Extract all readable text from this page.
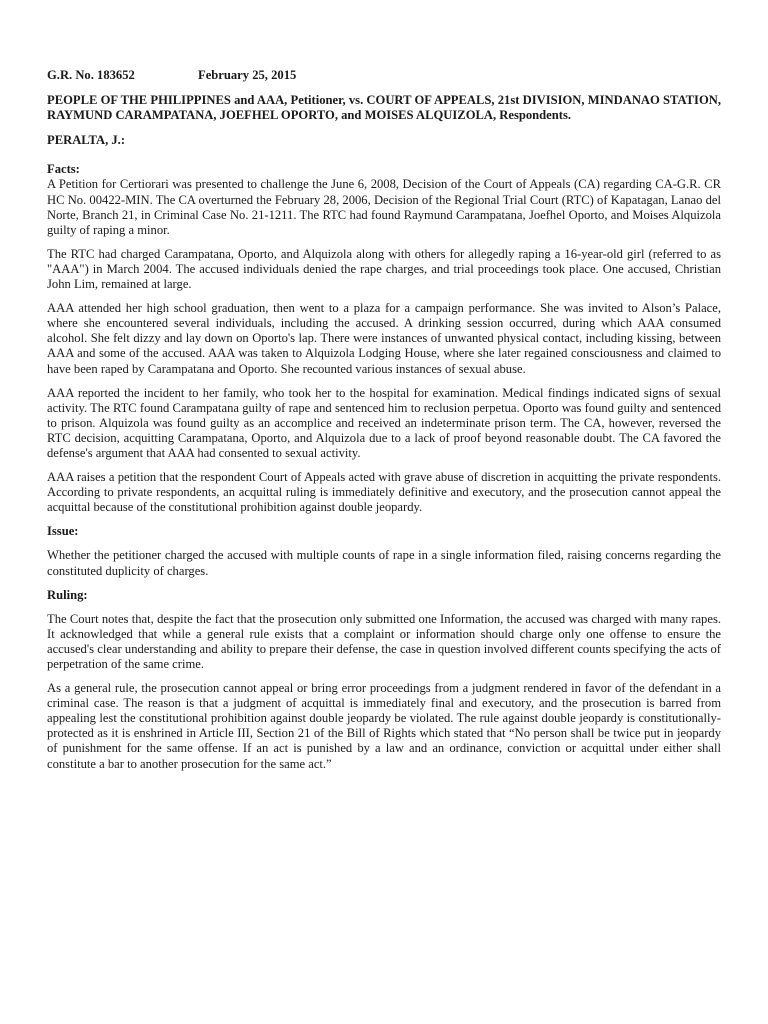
G.R. No. 183652	February 25, 2015
PEOPLE OF THE PHILIPPINES and AAA, Petitioner, vs. COURT OF APPEALS, 21st DIVISION, MINDANAO STATION, RAYMUND CARAMPATANA, JOEFHEL OPORTO, and MOISES ALQUIZOLA, Respondents.
PERALTA, J.:
Facts:

A Petition for Certiorari was presented to challenge the June 6, 2008, Decision of the Court of Appeals (CA) regarding CA-G.R. CR HC No. 00422-MIN. The CA overturned the February 28, 2006, Decision of the Regional Trial Court (RTC) of Kapatagan, Lanao del Norte, Branch 21, in Criminal Case No. 21-1211. The RTC had found Raymund Carampatana, Joefhel Oporto, and Moises Alquizola guilty of raping a minor.

The RTC had charged Carampatana, Oporto, and Alquizola along with others for allegedly raping a 16-year-old girl (referred to as "AAA") in March 2004. The accused individuals denied the rape charges, and trial proceedings took place. One accused, Christian John Lim, remained at large.

AAA attended her high school graduation, then went to a plaza for a campaign performance. She was invited to Alson’s Palace, where she encountered several individuals, including the accused. A drinking session occurred, during which AAA consumed alcohol. She felt dizzy and lay down on Oporto's lap. There were instances of unwanted physical contact, including kissing, between AAA and some of the accused. AAA was taken to Alquizola Lodging House, where she later regained consciousness and claimed to have been raped by Carampatana and Oporto. She recounted various instances of sexual abuse.

AAA reported the incident to her family, who took her to the hospital for examination. Medical findings indicated signs of sexual activity. The RTC found Carampatana guilty of rape and sentenced him to reclusion perpetua. Oporto was found guilty and sentenced to prison. Alquizola was found guilty as an accomplice and received an indeterminate prison term. The CA, however, reversed the RTC decision, acquitting Carampatana, Oporto, and Alquizola due to a lack of proof beyond reasonable doubt. The CA favored the defense's argument that AAA had consented to sexual activity.

AAA raises a petition that the respondent Court of Appeals acted with grave abuse of discretion in acquitting the private respondents. According to private respondents, an acquittal ruling is immediately definitive and executory, and the prosecution cannot appeal the acquittal because of the constitutional prohibition against double jeopardy.

Issue:

Whether the petitioner charged the accused with multiple counts of rape in a single information filed, raising concerns regarding the constituted duplicity of charges.

Ruling:

The Court notes that, despite the fact that the prosecution only submitted one Information, the accused was charged with many rapes. It acknowledged that while a general rule exists that a complaint or information should charge only one offense to ensure the accused's clear understanding and ability to prepare their defense, the case in question involved different counts specifying the acts of perpetration of the same crime.

As a general rule, the prosecution cannot appeal or bring error proceedings from a judgment rendered in favor of the defendant in a criminal case. The reason is that a judgment of acquittal is immediately final and executory, and the prosecution is barred from appealing lest the constitutional prohibition against double jeopardy be violated. The rule against double jeopardy is constitutionally-protected as it is enshrined in Article III, Section 21 of the Bill of Rights which stated that “No person shall be twice put in jeopardy of punishment for the same offense. If an act is punished by a law and an ordinance, conviction or acquittal under either shall constitute a bar to another prosecution for the same act.”
